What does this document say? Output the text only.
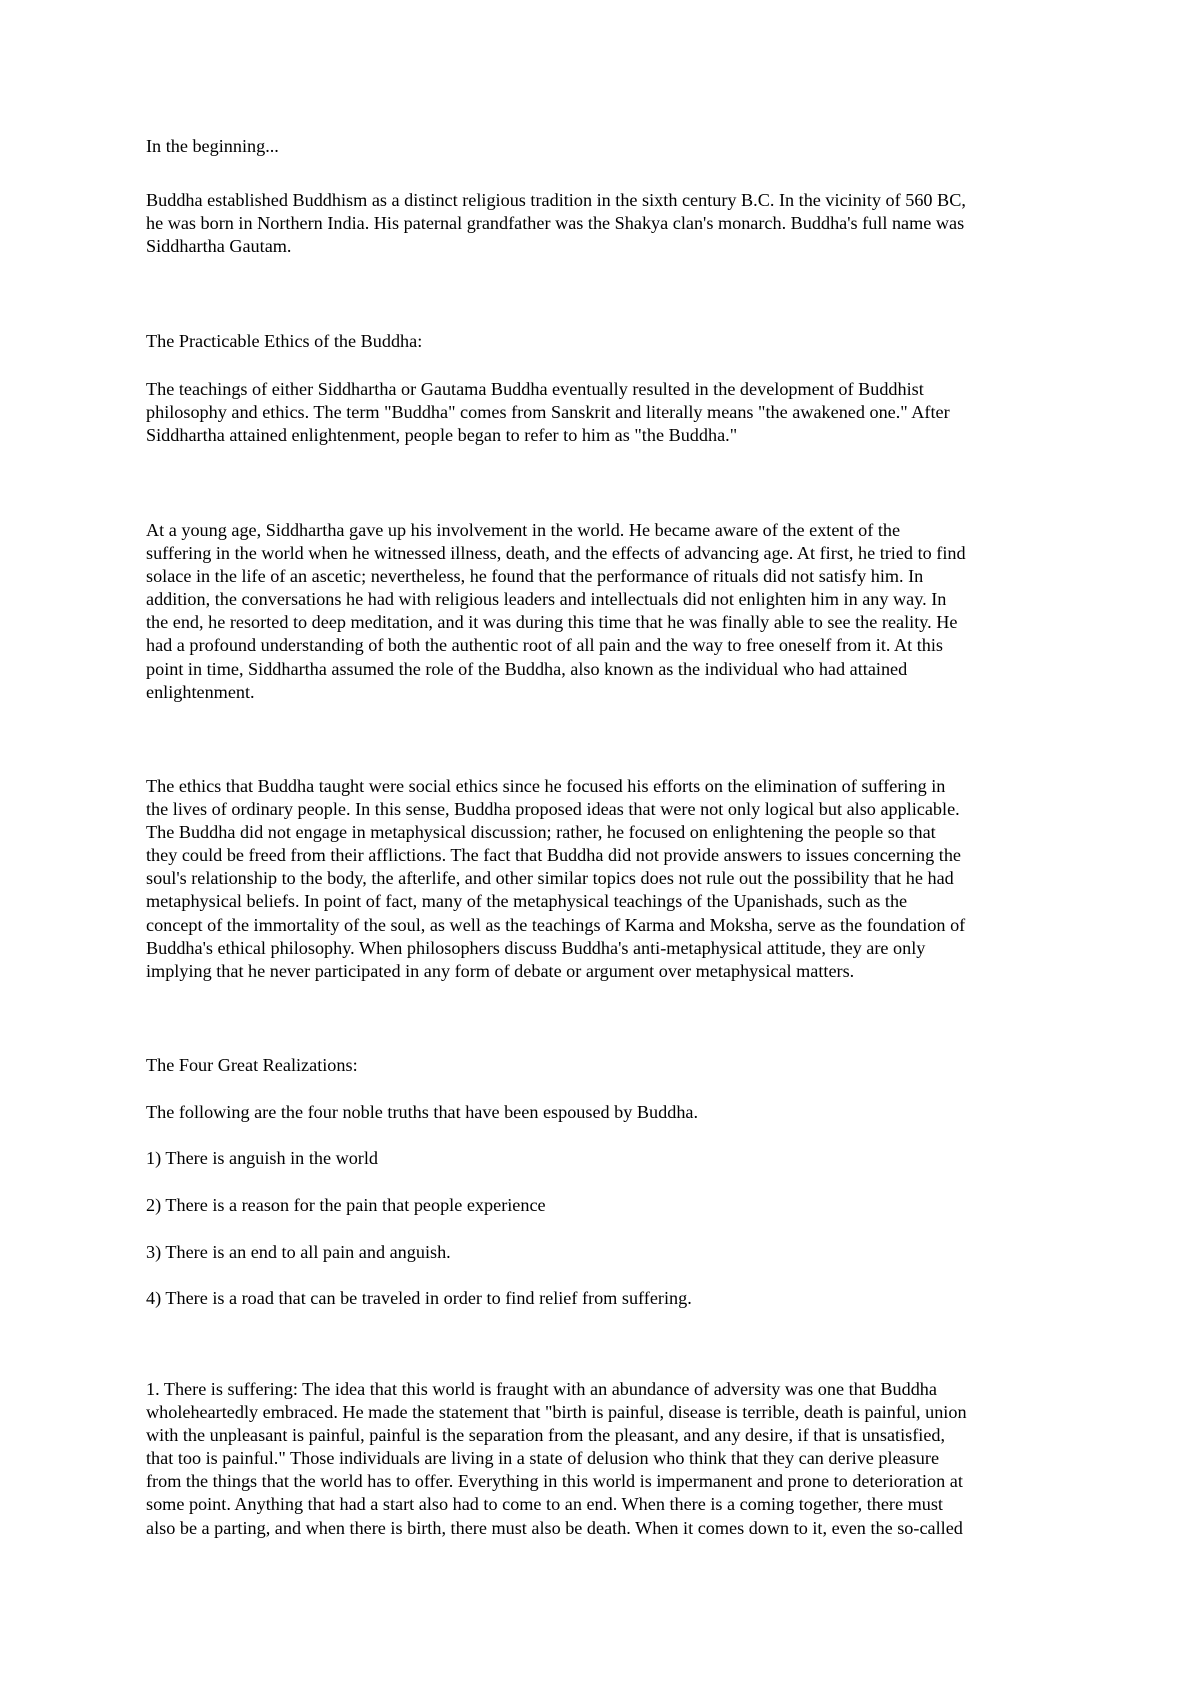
In the beginning...

Buddha established Buddhism as a distinct religious tradition in the sixth century B.C. In the vicinity of 560 BC,
he was born in Northern India. His paternal grandfather was the Shakya clan's monarch. Buddha's full name was
Siddhartha Gautam.

The Practicable Ethics of the Buddha:

The teachings of either Siddhartha or Gautama Buddha eventually resulted in the development of Buddhist
philosophy and ethics. The term "Buddha" comes from Sanskrit and literally means "the awakened one." After
Siddhartha attained enlightenment, people began to refer to him as "the Buddha."

At a young age, Siddhartha gave up his involvement in the world. He became aware of the extent of the
suffering in the world when he witnessed illness, death, and the effects of advancing age. At first, he tried to find
solace in the life of an ascetic; nevertheless, he found that the performance of rituals did not satisfy him. In
addition, the conversations he had with religious leaders and intellectuals did not enlighten him in any way. In
the end, he resorted to deep meditation, and it was during this time that he was finally able to see the reality. He
had a profound understanding of both the authentic root of all pain and the way to free oneself from it. At this
point in time, Siddhartha assumed the role of the Buddha, also known as the individual who had attained
enlightenment.

The ethics that Buddha taught were social ethics since he focused his efforts on the elimination of suffering in
the lives of ordinary people. In this sense, Buddha proposed ideas that were not only logical but also applicable.
The Buddha did not engage in metaphysical discussion; rather, he focused on enlightening the people so that
they could be freed from their afflictions. The fact that Buddha did not provide answers to issues concerning the
soul's relationship to the body, the afterlife, and other similar topics does not rule out the possibility that he had
metaphysical beliefs. In point of fact, many of the metaphysical teachings of the Upanishads, such as the
concept of the immortality of the soul, as well as the teachings of Karma and Moksha, serve as the foundation of
Buddha's ethical philosophy. When philosophers discuss Buddha's anti-metaphysical attitude, they are only
implying that he never participated in any form of debate or argument over metaphysical matters.

The Four Great Realizations:

The following are the four noble truths that have been espoused by Buddha.

1) There is anguish in the world

2) There is a reason for the pain that people experience

3) There is an end to all pain and anguish.

4) There is a road that can be traveled in order to find relief from suffering.

1. There is suffering: The idea that this world is fraught with an abundance of adversity was one that Buddha
wholeheartedly embraced. He made the statement that "birth is painful, disease is terrible, death is painful, union
with the unpleasant is painful, painful is the separation from the pleasant, and any desire, if that is unsatisfied,
that too is painful." Those individuals are living in a state of delusion who think that they can derive pleasure
from the things that the world has to offer. Everything in this world is impermanent and prone to deterioration at
some point. Anything that had a start also had to come to an end. When there is a coming together, there must
also be a parting, and when there is birth, there must also be death. When it comes down to it, even the so-called
